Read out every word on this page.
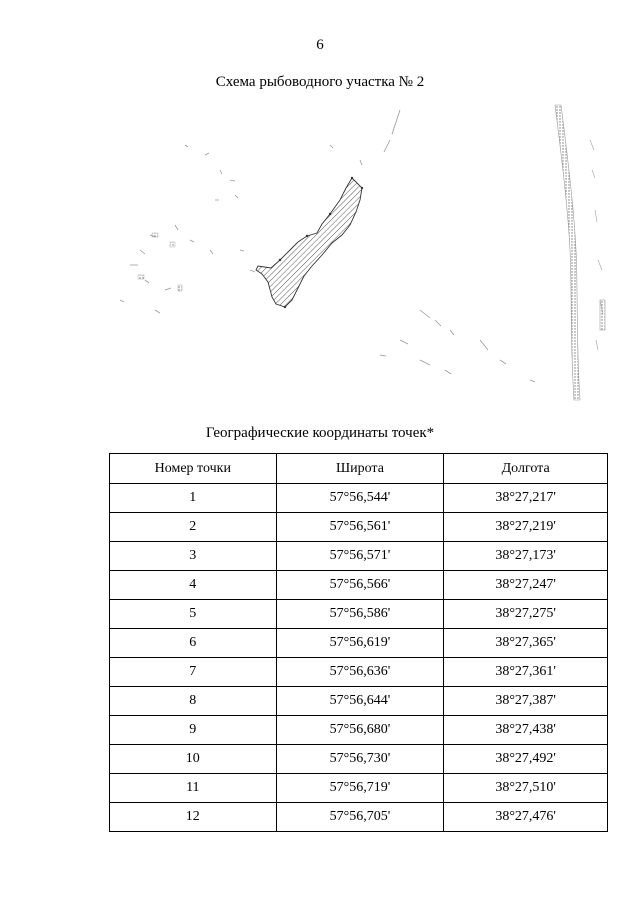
6
Схема рыбоводного участка № 2
Географические координаты точек*
Номер точки	Широта	Долгота
1	57°56,544'	38°27,217'
2	57°56,561'	38°27,219'
3	57°56,571'	38°27,173'
4	57°56,566'	38°27,247'
5	57°56,586'	38°27,275'
6	57°56,619'	38°27,365'
7	57°56,636'	38°27,361'
8	57°56,644'	38°27,387'
9	57°56,680'	38°27,438'
10	57°56,730'	38°27,492'
11	57°56,719'	38°27,510'
12	57°56,705'	38°27,476'
